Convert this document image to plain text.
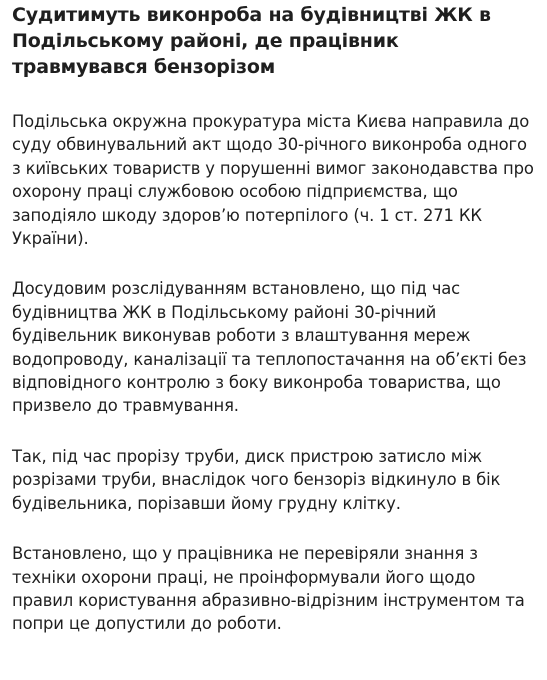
Судитимуть виконроба на будівництві ЖК в Подільському районі, де працівник травмувався бензорізом

Подільська окружна прокуратура міста Києва направила до суду обвинувальний акт щодо 30-річного виконроба одного з київських товариств у порушенні вимог законодавства про охорону праці службовою особою підприємства, що заподіяло шкоду здоров’ю потерпілого (ч. 1 ст. 271 КК України).

Досудовим розслідуванням встановлено, що під час будівництва ЖК в Подільському районі 30-річний будівельник виконував роботи з влаштування мереж водопроводу, каналізації та теплопостачання на об’єкті без відповідного контролю з боку виконроба товариства, що призвело до травмування.

Так, під час прорізу труби, диск пристрою затисло між розрізами труби, внаслідок чого бензоріз відкинуло в бік будівельника, порізавши йому грудну клітку.

Встановлено, що у працівника не перевіряли знання з техніки охорони праці, не проінформували його щодо правил користування абразивно-відрізним інструментом та попри це допустили до роботи.
